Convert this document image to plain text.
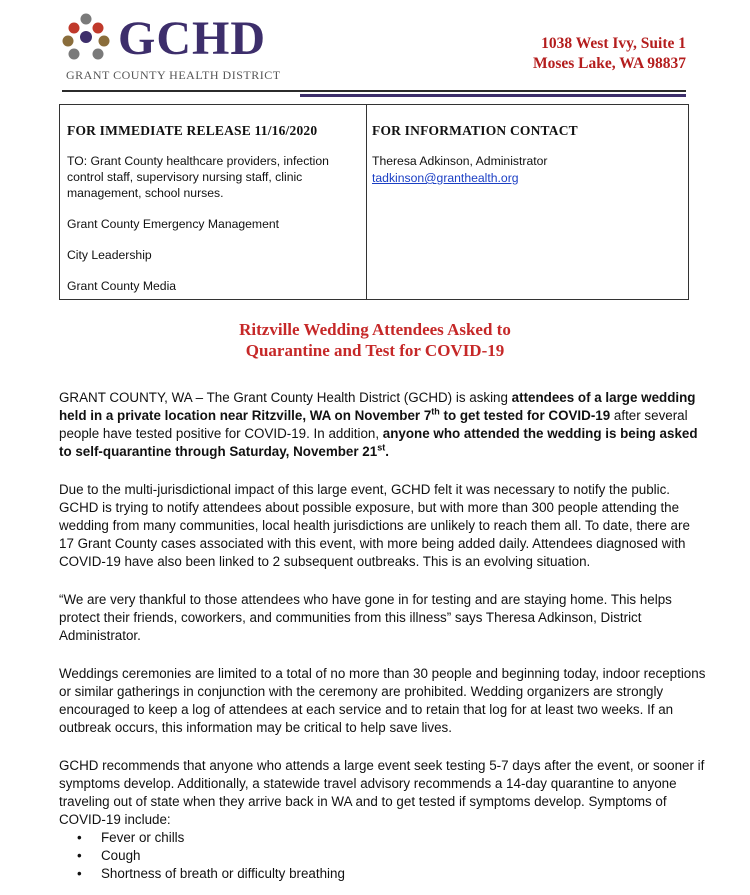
GCHD
GRANT COUNTY HEALTH DISTRICT
1038 West Ivy, Suite 1
Moses Lake, WA 98837
FOR IMMEDIATE RELEASE 11/16/2020

TO: Grant County healthcare providers, infection control staff, supervisory nursing staff, clinic management, school nurses.

Grant County Emergency Management

City Leadership

Grant County Media

FOR INFORMATION CONTACT
Theresa Adkinson, Administrator
tadkinson@granthealth.org
Ritzville Wedding Attendees Asked to
Quarantine and Test for COVID-19

GRANT COUNTY, WA – The Grant County Health District (GCHD) is asking attendees of a large wedding held in a private location near Ritzville, WA on November 7th to get tested for COVID-19 after several people have tested positive for COVID-19. In addition, anyone who attended the wedding is being asked to self-quarantine through Saturday, November 21st.

Due to the multi-jurisdictional impact of this large event, GCHD felt it was necessary to notify the public. GCHD is trying to notify attendees about possible exposure, but with more than 300 people attending the wedding from many communities, local health jurisdictions are unlikely to reach them all. To date, there are 17 Grant County cases associated with this event, with more being added daily. Attendees diagnosed with COVID-19 have also been linked to 2 subsequent outbreaks. This is an evolving situation.

“We are very thankful to those attendees who have gone in for testing and are staying home. This helps protect their friends, coworkers, and communities from this illness” says Theresa Adkinson, District Administrator.

Weddings ceremonies are limited to a total of no more than 30 people and beginning today, indoor receptions or similar gatherings in conjunction with the ceremony are prohibited. Wedding organizers are strongly encouraged to keep a log of attendees at each service and to retain that log for at least two weeks. If an outbreak occurs, this information may be critical to help save lives.

GCHD recommends that anyone who attends a large event seek testing 5-7 days after the event, or sooner if symptoms develop. Additionally, a statewide travel advisory recommends a 14-day quarantine to anyone traveling out of state when they arrive back in WA and to get tested if symptoms develop. Symptoms of COVID-19 include:

• Fever or chills
• Cough
• Shortness of breath or difficulty breathing
